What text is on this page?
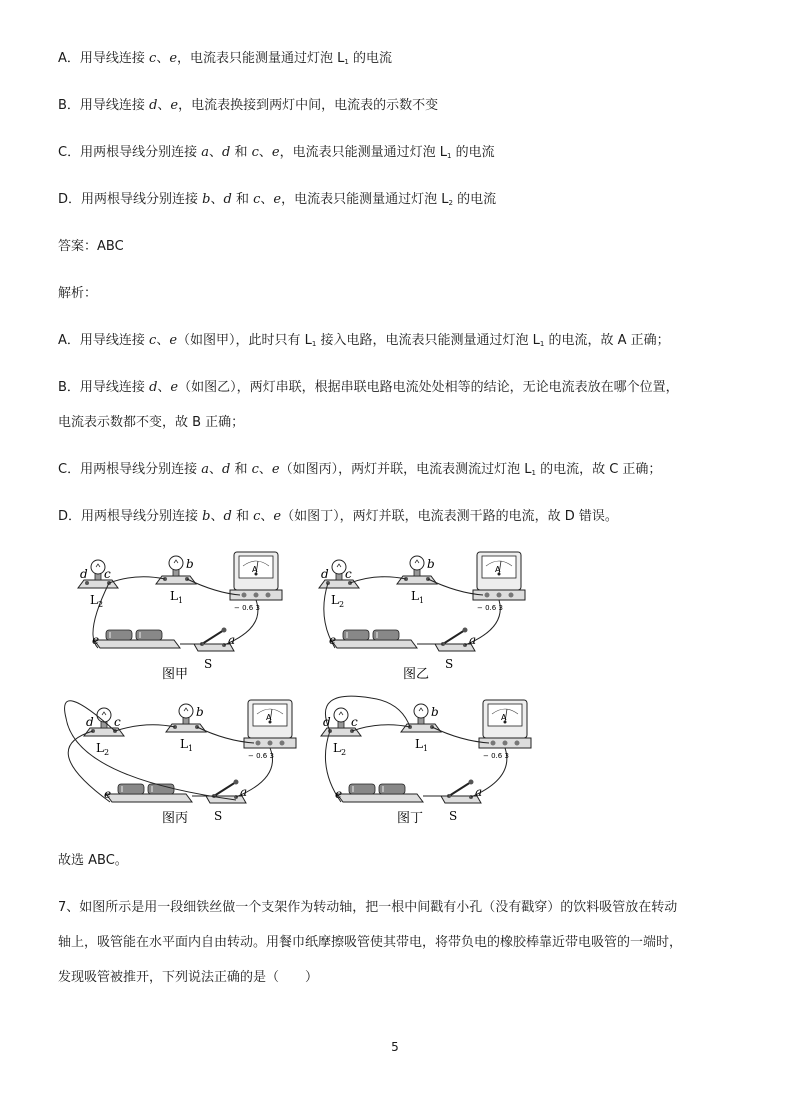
A．用导线连接 c、e，电流表只能测量通过灯泡 $L_1$ 的电流
B．用导线连接 d、e，电流表换接到两灯中间，电流表的示数不变
C．用两根导线分别连接 a、d 和 c、e，电流表只能测量通过灯泡 $L_1$ 的电流
D．用两根导线分别连接 b、d 和 c、e，电流表只能测量通过灯泡 $L_2$ 的电流
答案：ABC
解析：
A．用导线连接 c、e（如图甲），此时只有 $L_1$ 接入电路，电流表只能测量通过灯泡 $L_1$ 的电流，故 A 正确；
B．用导线连接 d、e（如图乙），两灯串联，根据串联电路电流处处相等的结论，无论电流表放在哪个位置，
电流表示数都不变，故 B 正确；
C．用两根导线分别连接 a、d 和 c、e（如图丙），两灯并联，电流表测流过灯泡 $L_1$ 的电流，故 C 正确；
D．用两根导线分别连接 b、d 和 c、e（如图丁），两灯并联，电流表测干路的电流，故 D 错误。
d c
$L_2$
b
$L_1$
e	a
S
A
− 0.6 3
图甲
d c
$L_2$
b
$L_1$
e	a
S
A
− 0.6 3
图乙
d c
$L_2$
b
$L_1$
e	a
S
A
− 0.6 3
图丙
d c
$L_2$
b
$L_1$
e	a
S
A
− 0.6 3
图丁
故选 ABC。
7、如图所示是用一段细铁丝做一个支架作为转动轴，把一根中间戳有小孔（没有戳穿）的饮料吸管放在转动
轴上，吸管能在水平面内自由转动。用餐巾纸摩擦吸管使其带电，将带负电的橡胶棒靠近带电吸管的一端时，
发现吸管被推开，下列说法正确的是（　　）
5
